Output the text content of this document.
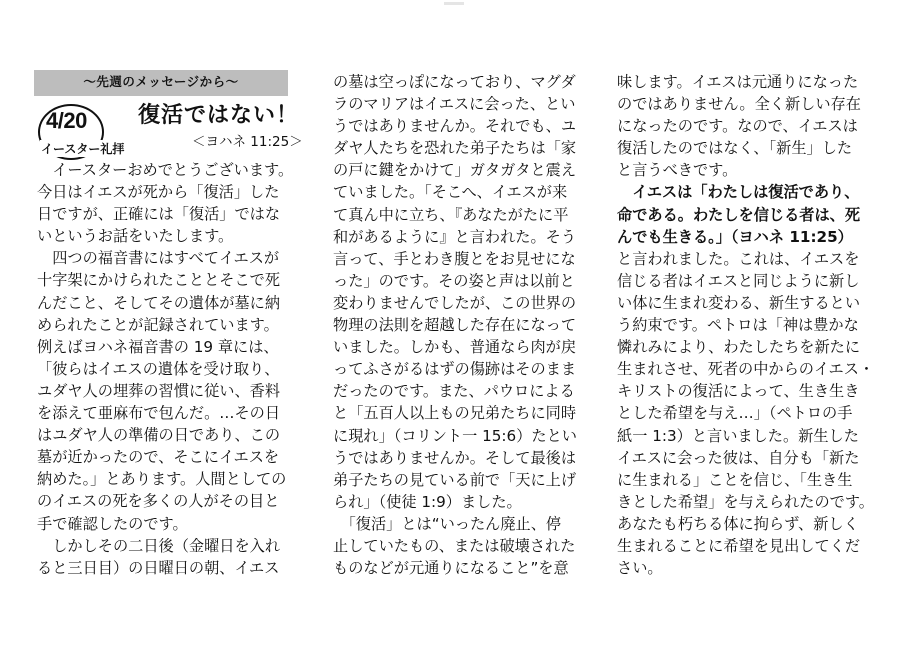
～先週のメッセージから～
4/20
イースター礼拝
復活ではない！
＜ヨハネ 11:25＞
　イースターおめでとうございます。
今日はイエスが死から「復活」した
日ですが、正確には「復活」ではな
いというお話をいたします。
　四つの福音書にはすべてイエスが
十字架にかけられたこととそこで死
んだこと、そしてその遺体が墓に納
められたことが記録されています。
例えばヨハネ福音書の 19 章には、
「彼らはイエスの遺体を受け取り、
ユダヤ人の埋葬の習慣に従い、香料
を添えて亜麻布で包んだ。…その日
はユダヤ人の準備の日であり、この
墓が近かったので、そこにイエスを
納めた。」とあります。人間としての
のイエスの死を多くの人がその目と
手で確認したのです。
　しかしその二日後（金曜日を入れ
ると三日目）の日曜日の朝、イエス
の墓は空っぽになっており、マグダ
ラのマリアはイエスに会った、とい
うではありませんか。それでも、ユ
ダヤ人たちを恐れた弟子たちは「家
の戸に鍵をかけて」ガタガタと震え
ていました。「そこへ、イエスが来
て真ん中に立ち、『あなたがたに平
和があるように』と言われた。そう
言って、手とわき腹とをお見せにな
った」のです。その姿と声は以前と
変わりませんでしたが、この世界の
物理の法則を超越した存在になって
いました。しかも、普通なら肉が戻
ってふさがるはずの傷跡はそのまま
だったのです。また、パウロによる
と「五百人以上もの兄弟たちに同時
に現れ」（コリント一 15:6）たとい
うではありませんか。そして最後は
弟子たちの見ている前で「天に上げ
られ」（使徒 1:9）ました。
　「復活」とは“いったん廃止、停
止していたもの、または破壊された
ものなどが元通りになること”を意
味します。イエスは元通りになった
のではありません。全く新しい存在
になったのです。なので、イエスは
復活したのではなく、「新生」した
と言うべきです。
　イエスは「わたしは復活であり、
命である。わたしを信じる者は、死
んでも生きる。」（ヨハネ 11:25）
と言われました。これは、イエスを
信じる者はイエスと同じように新し
い体に生まれ変わる、新生するとい
う約束です。ペトロは「神は豊かな
憐れみにより、わたしたちを新たに
生まれさせ、死者の中からのイエス・
キリストの復活によって、生き生き
とした希望を与え…」（ペトロの手
紙一 1:3）と言いました。新生した
イエスに会った彼は、自分も「新た
に生まれる」ことを信じ、「生き生
きとした希望」を与えられたのです。
あなたも朽ちる体に拘らず、新しく
生まれることに希望を見出してくだ
さい。
